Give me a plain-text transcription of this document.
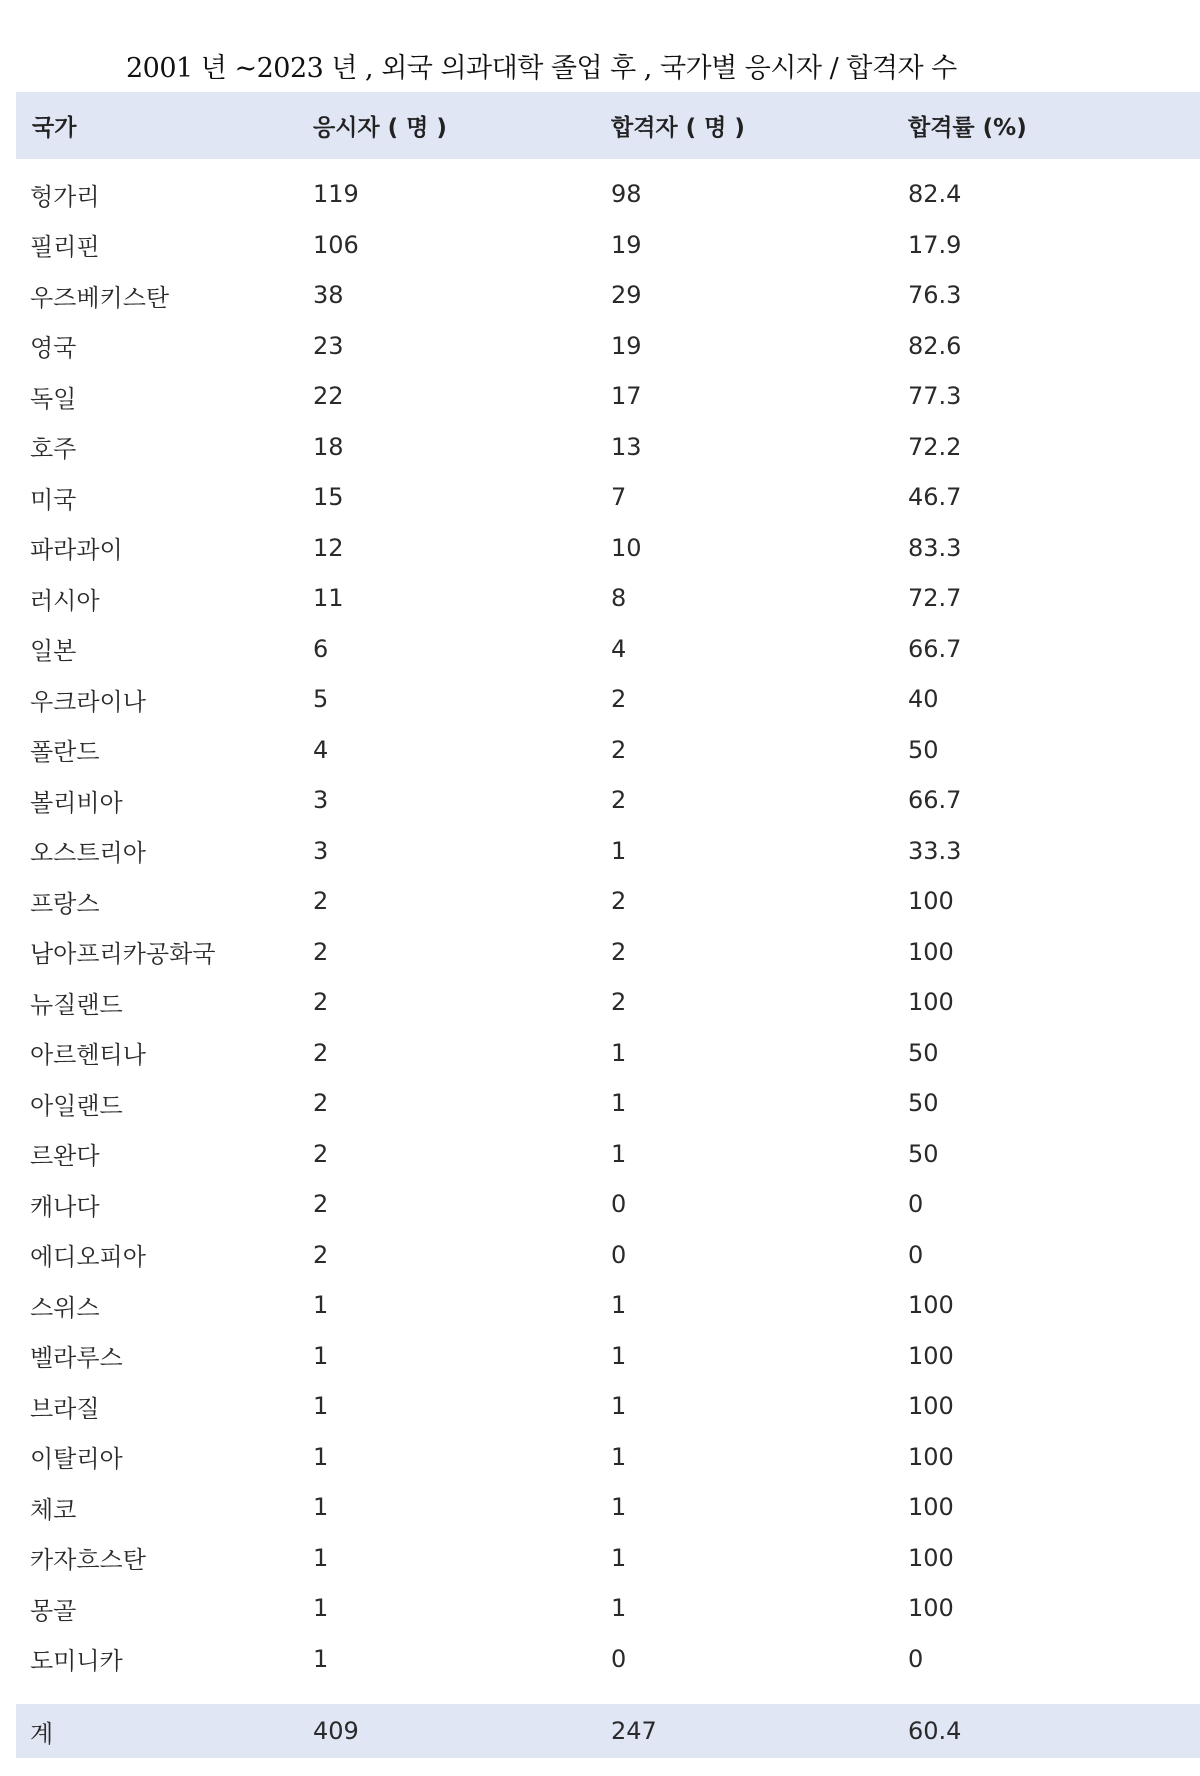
2001 년 ~2023 년 , 외국 의과대학 졸업 후 , 국가별 응시자 / 합격자 수
국가	응시자 ( 명 )	합격자 ( 명 )	합격률 (%)
헝가리	119	98	82.4
필리핀	106	19	17.9
우즈베키스탄	38	29	76.3
영국	23	19	82.6
독일	22	17	77.3
호주	18	13	72.2
미국	15	7	46.7
파라과이	12	10	83.3
러시아	11	8	72.7
일본	6	4	66.7
우크라이나	5	2	40
폴란드	4	2	50
볼리비아	3	2	66.7
오스트리아	3	1	33.3
프랑스	2	2	100
남아프리카공화국	2	2	100
뉴질랜드	2	2	100
아르헨티나	2	1	50
아일랜드	2	1	50
르완다	2	1	50
캐나다	2	0	0
에디오피아	2	0	0
스위스	1	1	100
벨라루스	1	1	100
브라질	1	1	100
이탈리아	1	1	100
체코	1	1	100
카자흐스탄	1	1	100
몽골	1	1	100
도미니카	1	0	0
계	409	247	60.4
